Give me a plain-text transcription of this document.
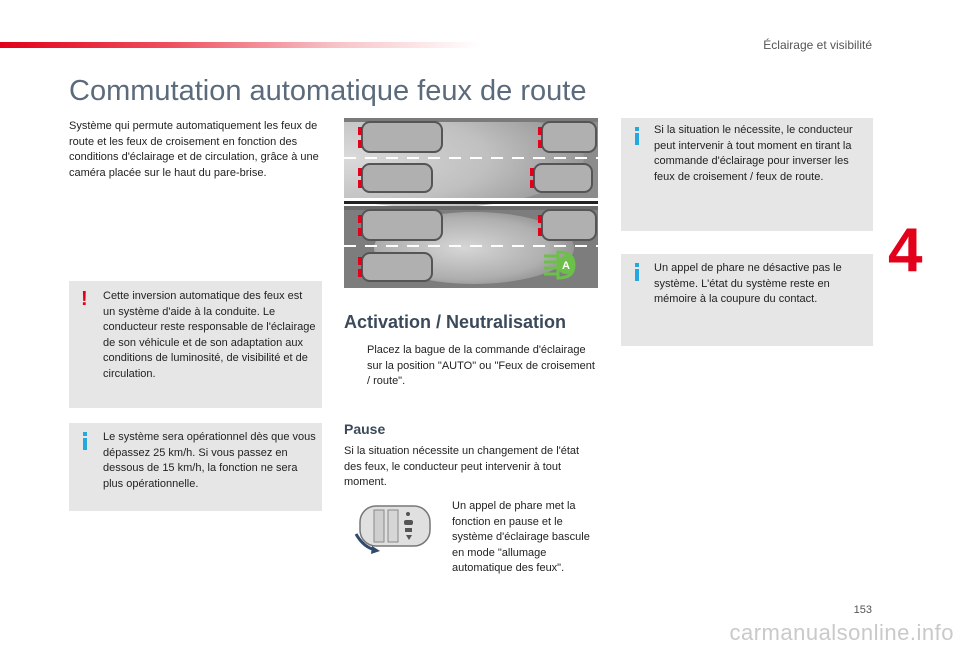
Éclairage et visibilité
4
Commutation automatique feux de route

Système qui permute automatiquement les feux de route et les feux de croisement en fonction des conditions d'éclairage et de circulation, grâce à une caméra placée sur le haut du pare-brise.

! Cette inversion automatique des feux est un système d'aide à la conduite. Le conducteur reste responsable de l'éclairage de son véhicule et de son adaptation aux conditions de luminosité, de visibilité et de circulation.

Le système sera opérationnel dès que vous dépassez 25 km/h. Si vous passez en dessous de 15 km/h, la fonction ne sera plus opérationnelle.

A
Activation / Neutralisation
Placez la bague de la commande d'éclairage sur la position "AUTO" ou "Feux de croisement / route".
Pause

Si la situation nécessite un changement de l'état des feux, le conducteur peut intervenir à tout moment.

Un appel de phare met la fonction en pause et le système d'éclairage bascule en mode "allumage automatique des feux".

Si la situation le nécessite, le conducteur peut intervenir à tout moment en tirant la commande d'éclairage pour inverser les feux de croisement / feux de route.

Un appel de phare ne désactive pas le système. L'état du système reste en mémoire à la coupure du contact.

153
carmanualsonline.info
